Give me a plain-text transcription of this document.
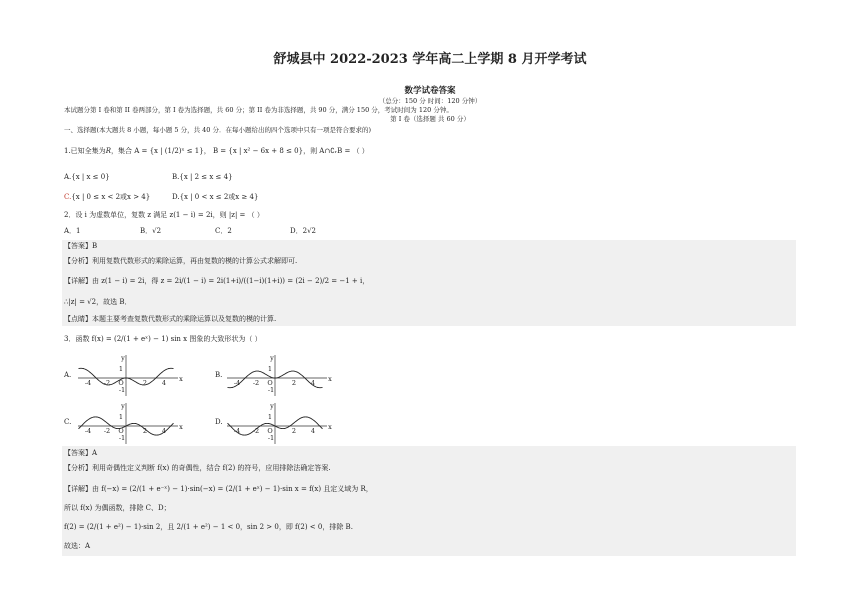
舒城县中 2022-2023 学年高二上学期 8 月开学考试
数学试卷答案
（总分：150 分 时间：120 分钟）
本试题分第 I 卷和第 II 卷两部分，第 I 卷为选择题，共 60 分；第 II 卷为非选择题，共 90 分，满分 150 分，考试时间为 120 分钟。
第 I 卷（选择题 共 60 分）
一、选择题(本大题共 8 小题，每小题 5 分，共 40 分．在每小题给出的四个选项中只有一项是符合要求的)
1.已知全集为R，集合 A = {x | (1/2)ˣ ≤ 1}， B = {x | x² − 6x + 8 ≤ 0}，则 A∩∁ᵣB = （ ）
A.{x | x ≤ 0}	B.{x | 2 ≤ x ≤ 4}
C.{x | 0 ≤ x < 2或x > 4}	D.{x | 0 < x ≤ 2或x ≥ 4}
2．设 i 为虚数单位，复数 z 满足 z(1 − i) = 2i，则 |z| = （ ）
A．1	B．√2	C．2	D．2√2
【答案】B
【分析】利用复数代数形式的乘除运算，再由复数的模的计算公式求解即可.
【详解】由 z(1 − i) = 2i，得 z = 2i/(1 − i) = 2i(1+i)/((1−i)(1+i)) = (2i − 2)/2 = −1 + i，
∴|z| = √2，故选 B．
【点睛】本题主要考查复数代数形式的乘除运算以及复数的模的计算.
3．函数 f(x) = (2/(1 + eˣ) − 1) sin x 图象的大致形状为（ ）
A.	B.
C.	D.
x
y
1
-1
O
-4 -2	2 4	x
y
1
-1
O
-4 -2	2 4
x
y
1
-1
O
-4 -2	2 4	x
y
1
-1
O
-4 -2	2 4
【答案】A
【分析】利用奇偶性定义判断 f(x) 的奇偶性，结合 f(2) 的符号，应用排除法确定答案.
【详解】由 f(−x) = (2/(1 + e⁻ˣ) − 1)·sin(−x) = (2/(1 + eˣ) − 1)·sin x = f(x) 且定义域为 R，
所以 f(x) 为偶函数，排除 C、D；
f(2) = (2/(1 + e²) − 1)·sin 2，且 2/(1 + e²) − 1 < 0，sin 2 > 0，即 f(2) < 0，排除 B.
故选：A
